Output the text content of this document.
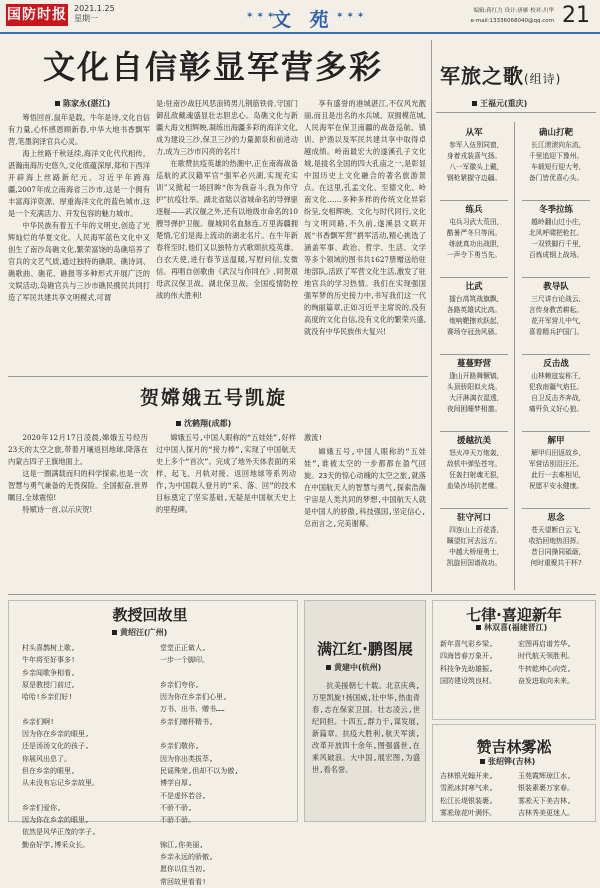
国防时报 2021.1.25
星期一	✶ ✶ ✶
文 苑 ✶ ✶ ✶	编辑:蒋红力 设计:唐雁 校对:川华
e-mail:13336068040@qq.com 21
文化自信彰显军营多彩
陈家永(湛江)

筹悟回首,鼠年是载。牛年是诗,文化自信有力量,心怀感恩顾新春,中华大地书香飘军营,笔墨润泽官兵心灵。

海上丝路千秋延续,海洋文化代代相传。湛瀚南海历史悠久,文化底蕴深厚,郑和下西洋开辟海上丝路新纪元。习近平年跨海疆,2007年成立南海省三沙市,这是一个拥有丰富海洋资源、厚重海洋文化的蓝色城市,这是一个充满活力、开发包容的魅力城市。

中华民族有着五千年的文明史,创造了光辉灿烂的华夏文化。人民海军蓝色文化中又创生了南沙岛礁文化,繁荣富饶的岛礁培养了官兵的文艺气质,通过独特的礁联、礁诗词、礁歌曲、礁花、礁报等多种形式开展广泛的文娱活动,岛礁官兵与三沙市礁民携民共同打造了军民共建共享文明模式,可谓

是:驻南沙战狂风恶浪铸男儿钢筋铁骨,守国门御乱敌戴魂盛显壮志胆忠心。岛礁文化与新疆大海文相辉映,凝练出海疆多彩的海洋文化,成为建设三沙,保卫三沙的力量源泉和前进动力,成为三沙市闪亮的名片!

在歌赞抗疫英雄的热潮中,正在南海战备巡航的武汉籍军官“强军必兴湖,实现充实训”又掀起一场回眸“你为我奋斗,我为你守护”抗疫壮举。湖北省陆以省城命名的导弹驱逐舰——武汉舰之外,还有以地级市命名的10艘导弹护卫舰。舰城同名血脉连,万里海疆拥楚情,它们是海上流动的湖北名片。在牛年新春将至时,他们又以独特方式歌颂抗疫英雄、白衣天使,进行春节送温暖,写慰问信,发微信。再唱自创歌曲《武汉与你同在》,同贺艰母武汉保卫战、湖北保卫战。全国疫情防控战的伟大胜利!

享有盛誉的港城湛江,不仅风光靓丽,而且是出名的水兵城、双拥模范城,人民海军在保卫南疆的战备巡航、镇训、护渔以及军民共建共享中取得卓越成绩。岭南最宏大的遂溪孔子文化城,是拢名全国的四大孔庙之一,是彰显中国历史上文化融合的著名旅游景点。在这里,孔孟文化、至德文化、岭南文化……多种多样的传统文化异彩纷呈,交相辉映。文化与时代同行,文化与文明同路,不久前,遂溪县文联开展“书香飘军营”捐军活动,精心挑选了涵盖军事、政治、哲学、生活、文学等多个领域的图书共1627册赠送给驻地部队,活跃了军营文化生活,激发了驻地官兵的学习热情。我们在实现强国强军梦的历史接力中,书写我们这一代的绚丽篇章,正如习近平主席说的,没有高度的文化自信,没有文化的繁荣兴盛,就没有中华民族伟大复兴!

军旅之歌(组诗)
王福元(重庆)
从军
参军入伍别同窗,
身着戎装喜气扬。
八一军徽头上戴,
钢枪紧握守边疆。
确山打靶
长江滚滚向东流,
千里追迎下豫州。
车载短行迎大考,
备门皆优喜心头。
练兵
屯兵习武大荒田,
酷暑严冬只等闲。
练就真功出战胆,
一声令下勇当先。
冬季拉练
越岭翻山过小庄,
北风呼啸把枪扛。
一双铁脚行千里,
百炼成钢上战场。
比武
擂台高筑战旗飘,
各路英雄试比高。
炮响靶擦欢跃起,
赛场夺冠劲风骚。
教导队
三尺讲台论战云,
言传身教苦耕耘。
花开军营儿中气,
喜看精兵护国门。
蔓蔓野营
逢山开路舞镢镐,
头顶骄阳似火烧。
大汗淋漓衣湿透,
夜间困睡梦相邀。
反击战
山林赖寇妄称王,
犯我南疆气焰狂。
自卫反击齐奔战,
痛歼负义好心狼。
援越抗美
怒火冲天万炮轰,
敌机中弹坠苍穹。
狂轰扫射魂无狠,
血染沙场抗老鹰。
解甲
解甲归田返故乡,
军营话别泪汪汪。
此行一去难相见,
祝愿平安永健康。
驻守河口
四连山上百花香,
瞩望红河去远方。
中越大桥垭勇士,
凯旋回国谱战功。
思念
苍天望断白云飞,
收拾回炮热泪挥。
昔日同操同砥砺,
何时重聚共干杯?
贺嫦娥五号凯旋
沈鹤翔(成都)

2020年12月17日凌晨,嫦娥五号经历23天的太空之旅,带着月壤返回地球,降落在内蒙古四子王旗地面上。

这是一圈满载而归的科学探索,也是一次智慧与勇气兼备的无畏探险。全国振奋,世界瞩目,全球震惊!

特赋诗一首,以示庆贺!

嫦娥五号,中国人眼称的“五娃娃”,好样过中国人探月的“接力棒”,实现了中国航天史上多个“首次”。完成了地外天体表面的采样、起飞、月轨对接、返回地球等系列动作,为中国载人登月的“采、落、回”的技术目标奠定了坚实基础,无疑是中国航天史上的里程碑。

激流!

嫦娥五号,中国人眼称的“五娃娃”,谁被太空的一步都都在盈气回旋。23天的惊心动魄的太空之旅,就落在中国航天人的智慧与勇气,探索浩瀚宇宙是人类共同的梦想,中国航天人就是中国人的骄傲,科技强国,坚定信心,总而言之,完美谢幕。

教授回故里
黄绍汪(广州)
村头喜鹊树上歌,
牛年将至好事多!
乡亲闻歌争相看,
原是教授门前过,
哈哈!乡亲们好!
乡亲们啊!
因为你在乡亲的眼里,
还是汤汤文化的孩子,
你展风出息了。
但在乡亲的眼里,
从未没有忘记乡亲故里。
乡亲们爱你,
因为你在乡亲的眼里,
依然是风华正茂的学子,
勤奋好学,博采众长。
堂堂正正做人,
一步一个脚印。
乡亲们夸你,
因为你在乡亲们心里,
万书、出书、赠书……
乡亲们赠杯精书,
乡亲们敬你,
因为你出类拔萃,
民谣殊荣,但却不以为傲,
博学自厚,
不是虚怀若谷,
不骄不骄,
不骄不骄。
锦江,你美丽,
乡亲永远的骄傲,
愿你以住当初,
常回故里看看!
满江红·鹏图展
黄建中(杭州)

抗美援朝七十载。北京庆典,万里凯旋!扬国威,壮中华,热血青春,志在保家卫国。壮志凌云,世纪同担。十四五,群力干,谋发展,新篇章。抗疫大胜利,航天军演,改革开放四十余年,图强盛世,在乘风破浪。大中国,展宏图,为盛世,看名誉。

七律·喜迎新年
林双喜(福建晋江)
新年喜气彩乡梁,
四海皆春万象开,
科技争先助雄振,
国防建设筑良材。
宏图再启谱芳华,
时代航天领胜利。
牛转乾坤心向党,
奋发进取向未来。
赞吉林雾凇
张绍铧(吉林)
吉林银光翰开来,
雪淞冰封寒气来,
松江长堤银装裹,
雾凇琼花叶满怀。
玉苑霞辉琼江水,
银装素裹万家春。
雾凇天下美吉林,
吉林秀美更迷人。
